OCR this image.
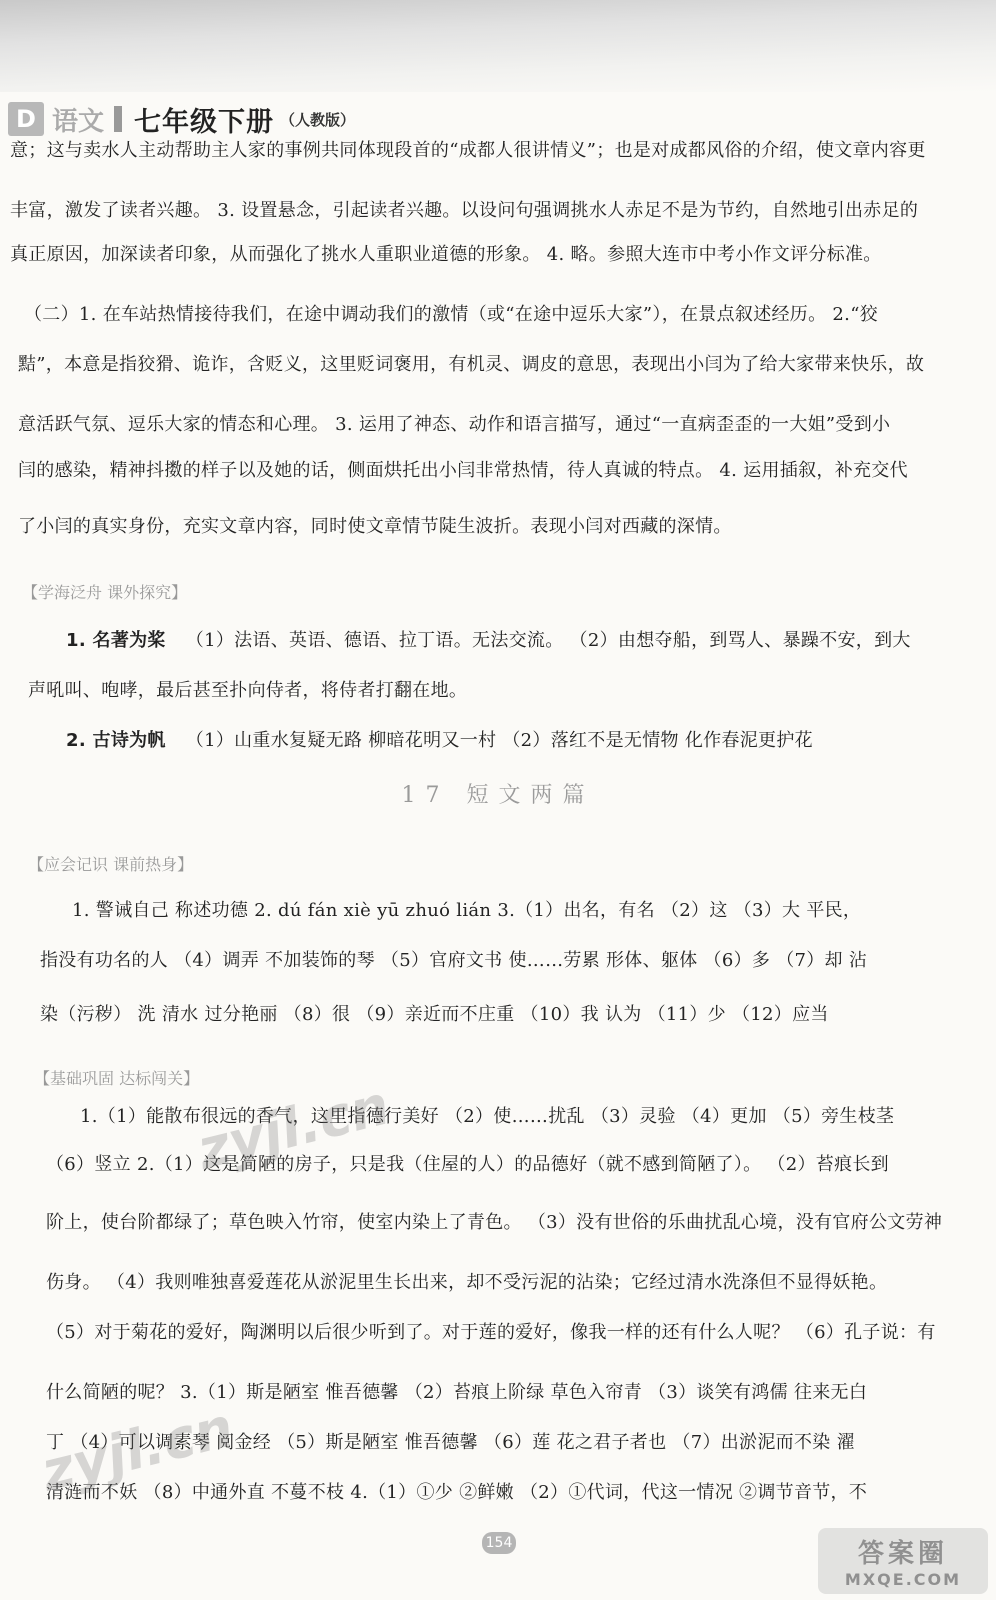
D 语文 七年级下册 （人教版）
意；这与卖水人主动帮助主人家的事例共同体现段首的“成都人很讲情义”；也是对成都风俗的介绍，使文章内容更
丰富，激发了读者兴趣。 3. 设置悬念，引起读者兴趣。以设问句强调挑水人赤足不是为节约，自然地引出赤足的
真正原因，加深读者印象，从而强化了挑水人重职业道德的形象。 4. 略。参照大连市中考小作文评分标准。
（二）1. 在车站热情接待我们，在途中调动我们的激情（或“在途中逗乐大家”），在景点叙述经历。 2.“狡
黠”，本意是指狡猾、诡诈，含贬义，这里贬词褒用，有机灵、调皮的意思，表现出小闫为了给大家带来快乐，故
意活跃气氛、逗乐大家的情态和心理。 3. 运用了神态、动作和语言描写，通过“一直病歪歪的一大姐”受到小
闫的感染，精神抖擞的样子以及她的话，侧面烘托出小闫非常热情，待人真诚的特点。 4. 运用插叙，补充交代
了小闫的真实身份，充实文章内容，同时使文章情节陡生波折。表现小闫对西藏的深情。
【学海泛舟 课外探究】
1. 名著为桨 （1）法语、英语、德语、拉丁语。无法交流。 （2）由想夺船，到骂人、暴躁不安，到大
声吼叫、咆哮，最后甚至扑向侍者，将侍者打翻在地。
2. 古诗为帆 （1）山重水复疑无路 柳暗花明又一村 （2）落红不是无情物 化作春泥更护花
17 短文两篇
【应会记识 课前热身】
1. 警诫自己 称述功德 2. dú fán xiè yū zhuó lián 3.（1）出名，有名 （2）这 （3）大 平民，
指没有功名的人 （4）调弄 不加装饰的琴 （5）官府文书 使……劳累 形体、躯体 （6）多 （7）却 沾
染（污秽） 洗 清水 过分艳丽 （8）很 （9）亲近而不庄重 （10）我 认为 （11）少 （12）应当
【基础巩固 达标闯关】
1.（1）能散布很远的香气，这里指德行美好 （2）使……扰乱 （3）灵验 （4）更加 （5）旁生枝茎
（6）竖立 2.（1）这是简陋的房子，只是我（住屋的人）的品德好（就不感到简陋了）。 （2）苔痕长到
阶上，使台阶都绿了；草色映入竹帘，使室内染上了青色。 （3）没有世俗的乐曲扰乱心境，没有官府公文劳神
伤身。 （4）我则唯独喜爱莲花从淤泥里生长出来，却不受污泥的沾染；它经过清水洗涤但不显得妖艳。
（5）对于菊花的爱好，陶渊明以后很少听到了。对于莲的爱好，像我一样的还有什么人呢？ （6）孔子说：有
什么简陋的呢？ 3.（1）斯是陋室 惟吾德馨 （2）苔痕上阶绿 草色入帘青 （3）谈笑有鸿儒 往来无白
丁 （4）可以调素琴 阅金经 （5）斯是陋室 惟吾德馨 （6）莲 花之君子者也 （7）出淤泥而不染 濯
清涟而不妖 （8）中通外直 不蔓不枝 4.（1）①少 ②鲜嫩 （2）①代词，代这一情况 ②调节音节，不
zyjl.cn
zyjl.cn
154	答案圈
MXQE.COM
